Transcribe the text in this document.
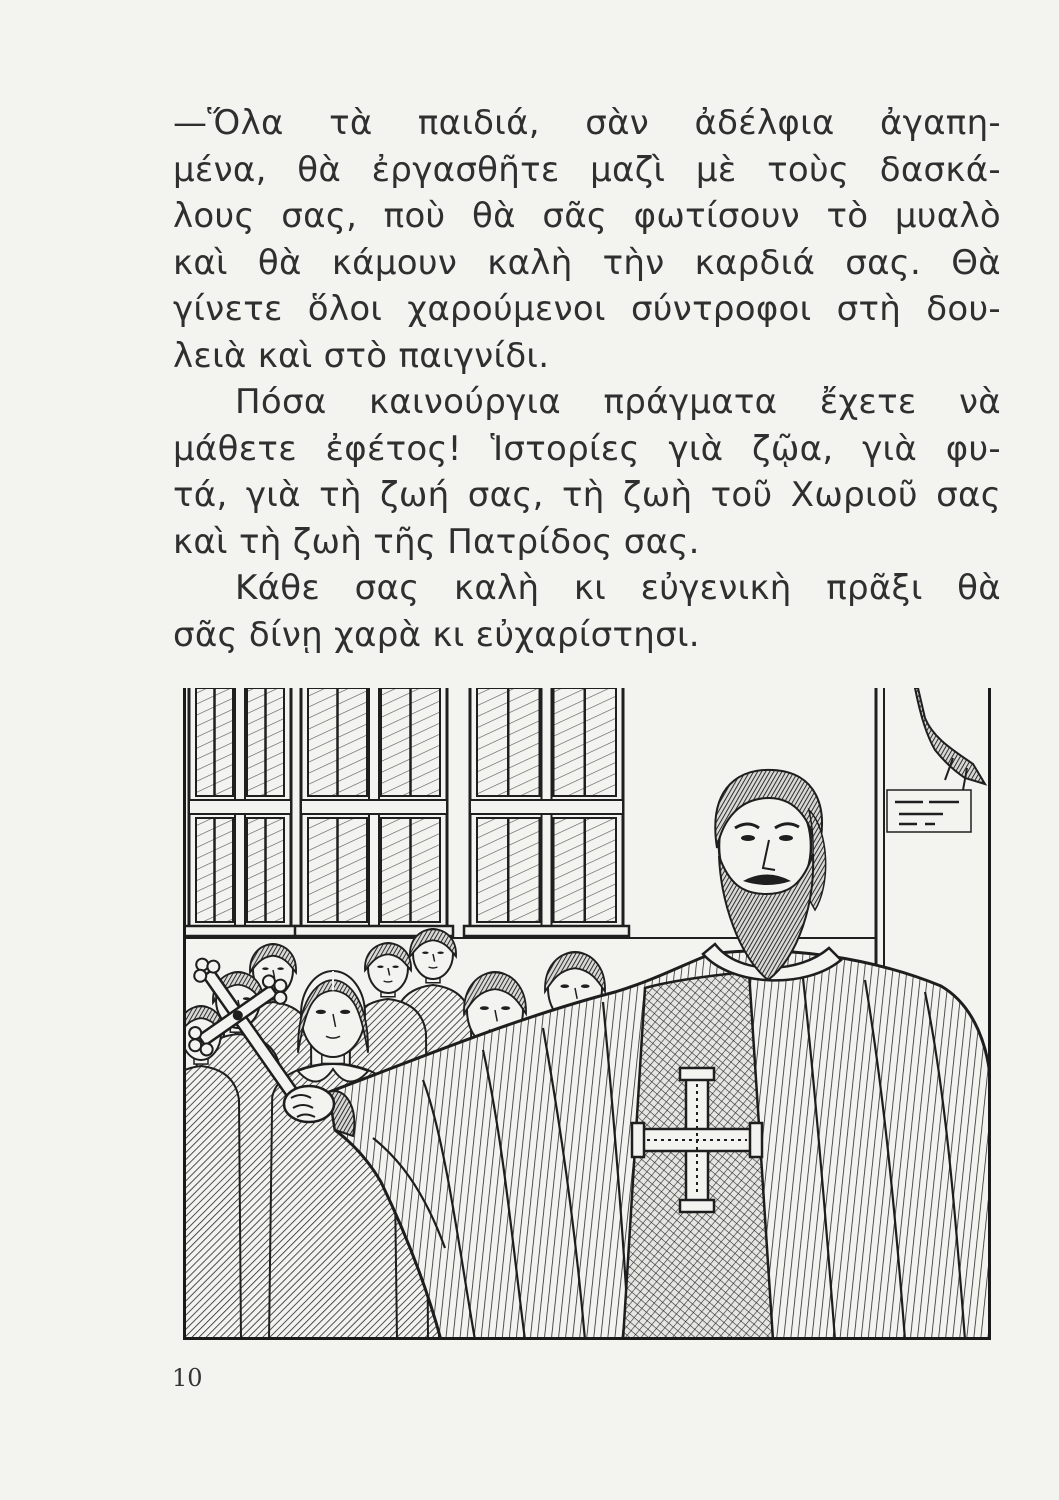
—Ὅλα τὰ παιδιά, σὰν ἀδέλφια ἀγαπη-
μένα, θὰ ἐργασθῆτε μαζὶ μὲ τοὺς δασκά-
λους σας, ποὺ θὰ σᾶς φωτίσουν τὸ μυαλὸ
καὶ θὰ κάμουν καλὴ τὴν καρδιά σας. Θὰ
γίνετε ὅλοι χαρούμενοι σύντροφοι στὴ δου-
λειὰ καὶ στὸ παιγνίδι.
Πόσα καινούργια πράγματα ἔχετε νὰ
μάθετε ἐφέτος! Ἱστορίες γιὰ ζῷα, γιὰ φυ-
τά, γιὰ τὴ ζωή σας, τὴ ζωὴ τοῦ Χωριοῦ σας
καὶ τὴ ζωὴ τῆς Πατρίδος σας.
Κάθε σας καλὴ κι εὐγενικὴ πρᾶξι θὰ
σᾶς δίνῃ χαρὰ κι εὐχαρίστησι.
10
